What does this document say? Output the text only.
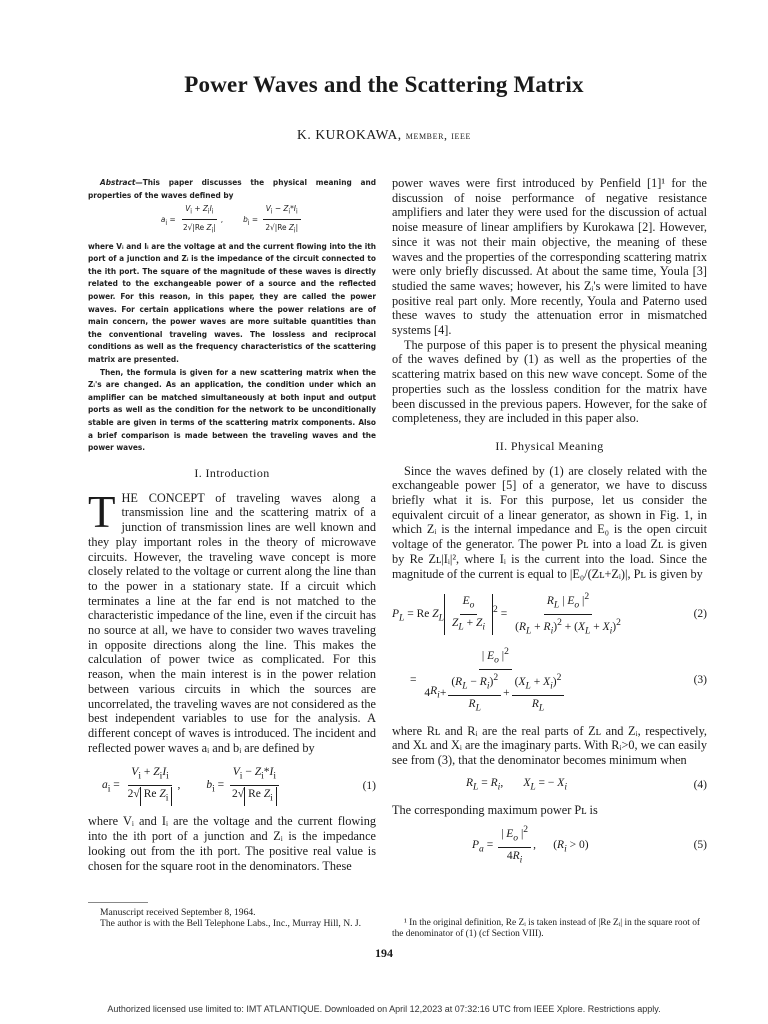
Power Waves and the Scattering Matrix
K. KUROKAWA, member, ieee

Abstract—This paper discusses the physical meaning and properties of the waves defined by

$a_i = \frac{V_i + Z_iI_i}{2√|Re Z_i|}$ , $b_i = \frac{V_i - Z_i*I_i}{2√|Re Z_i|}$

where Vᵢ and Iᵢ are the voltage at and the current flowing into the ith port of a junction and Zᵢ is the impedance of the circuit connected to the ith port. The square of the magnitude of these waves is directly related to the exchangeable power of a source and the reflected power. For this reason, in this paper, they are called the power waves. For certain applications where the power relations are of main concern, the power waves are more suitable quantities than the conventional traveling waves. The lossless and reciprocal conditions as well as the frequency characteristics of the scattering matrix are presented.

Then, the formula is given for a new scattering matrix when the Zᵢ's are changed. As an application, the condition under which an amplifier can be matched simultaneously at both input and output ports as well as the condition for the network to be unconditionally stable are given in terms of the scattering matrix components. Also a brief comparison is made between the traveling waves and the power waves.

I. Introduction

THE CONCEPT of traveling waves along a transmission line and the scattering matrix of a junction of transmission lines are well known and they play important roles in the theory of microwave circuits. However, the traveling wave concept is more closely related to the voltage or current along the line than to the power in a stationary state. If a circuit which terminates a line at the far end is not matched to the characteristic impedance of the line, even if the circuit has no source at all, we have to consider two waves traveling in opposite directions along the line. This makes the calculation of power twice as complicated. For this reason, when the main interest is in the power relation between various circuits in which the sources are uncorrelated, the traveling waves are not considered as the best independent variables to use for the analysis. A different concept of waves is introduced. The incident and reflected power waves aᵢ and bᵢ are defined by

$a_i = \frac{V_i + Z_iI_i}{2√ Re Z_i}$ , $b_i = \frac{V_i - Z_i*I_i}{2√ Re Z_i}$	(1)

where Vᵢ and Iᵢ are the voltage and the current flowing into the ith port of a junction and Zᵢ is the impedance looking out from the ith port. The positive real value is chosen for the square root in the denominators. These

power waves were first introduced by Penfield [1]¹ for the discussion of noise performance of negative resistance amplifiers and later they were used for the discussion of actual noise measure of linear amplifiers by Kurokawa [2]. However, since it was not their main objective, the meaning of these waves and the properties of the corresponding scattering matrix were only briefly discussed. At about the same time, Youla [3] studied the same waves; however, his Zᵢ's were limited to have positive real part only. More recently, Youla and Paterno used these waves to study the attenuation error in mismatched systems [4].

The purpose of this paper is to present the physical meaning of the waves defined by (1) as well as the properties of the scattering matrix based on this new wave concept. Some of the properties such as the lossless condition for the matrix have been discussed in the previous papers. However, for the sake of completeness, they are included in this paper also.

II. Physical Meaning

Since the waves defined by (1) are closely related with the exchangeable power [5] of a generator, we have to discuss briefly what it is. For this purpose, let us consider the equivalent circuit of a linear generator, as shown in Fig. 1, in which Zᵢ is the internal impedance and E₀ is the open circuit voltage of the generator. The power Pʟ into a load Zʟ is given by Re Zʟ|Iᵢ|², where Iᵢ is the current into the load. Since the magnitude of the current is equal to |E₀/(Zʟ+Zᵢ)|, Pʟ is given by

$P_L = Re$ $Z_L \frac{E_o}{Z_L + Z_i} ^2 = \frac{R_L | E_o |^2}{(R_L + R_i)^2 + (X_L + X_i)^2}$	(2)
= $\frac{| E_o |^2}{4 R_i + \frac{(R_L - R_i)^2}{R_L} + \frac{(X_L + X_i)^2}{R_L}}$	(3)

where Rʟ and Rᵢ are the real parts of Zʟ and Zᵢ, respectively, and Xʟ and Xᵢ are the imaginary parts. With Rᵢ>0, we can easily see from (3), that the denominator becomes minimum when

$R_L = R_i$,       $X_L$ = − $X_i$	(4)

The corresponding maximum power Pʟ is

$P_a = \frac{| E_o |^2}{4R_i}$ ,      $(R_i > 0)$	(5)

Manuscript received September 8, 1964.

The author is with the Bell Telephone Labs., Inc., Murray Hill, N. J.	¹ In the original definition, Re Zᵢ is taken instead of |Re Zᵢ| in the square root of the denominator of (1) (cf Section VIII).

194
Authorized licensed use limited to: IMT ATLANTIQUE. Downloaded on April 12,2023 at 07:32:16 UTC from IEEE Xplore. Restrictions apply.
